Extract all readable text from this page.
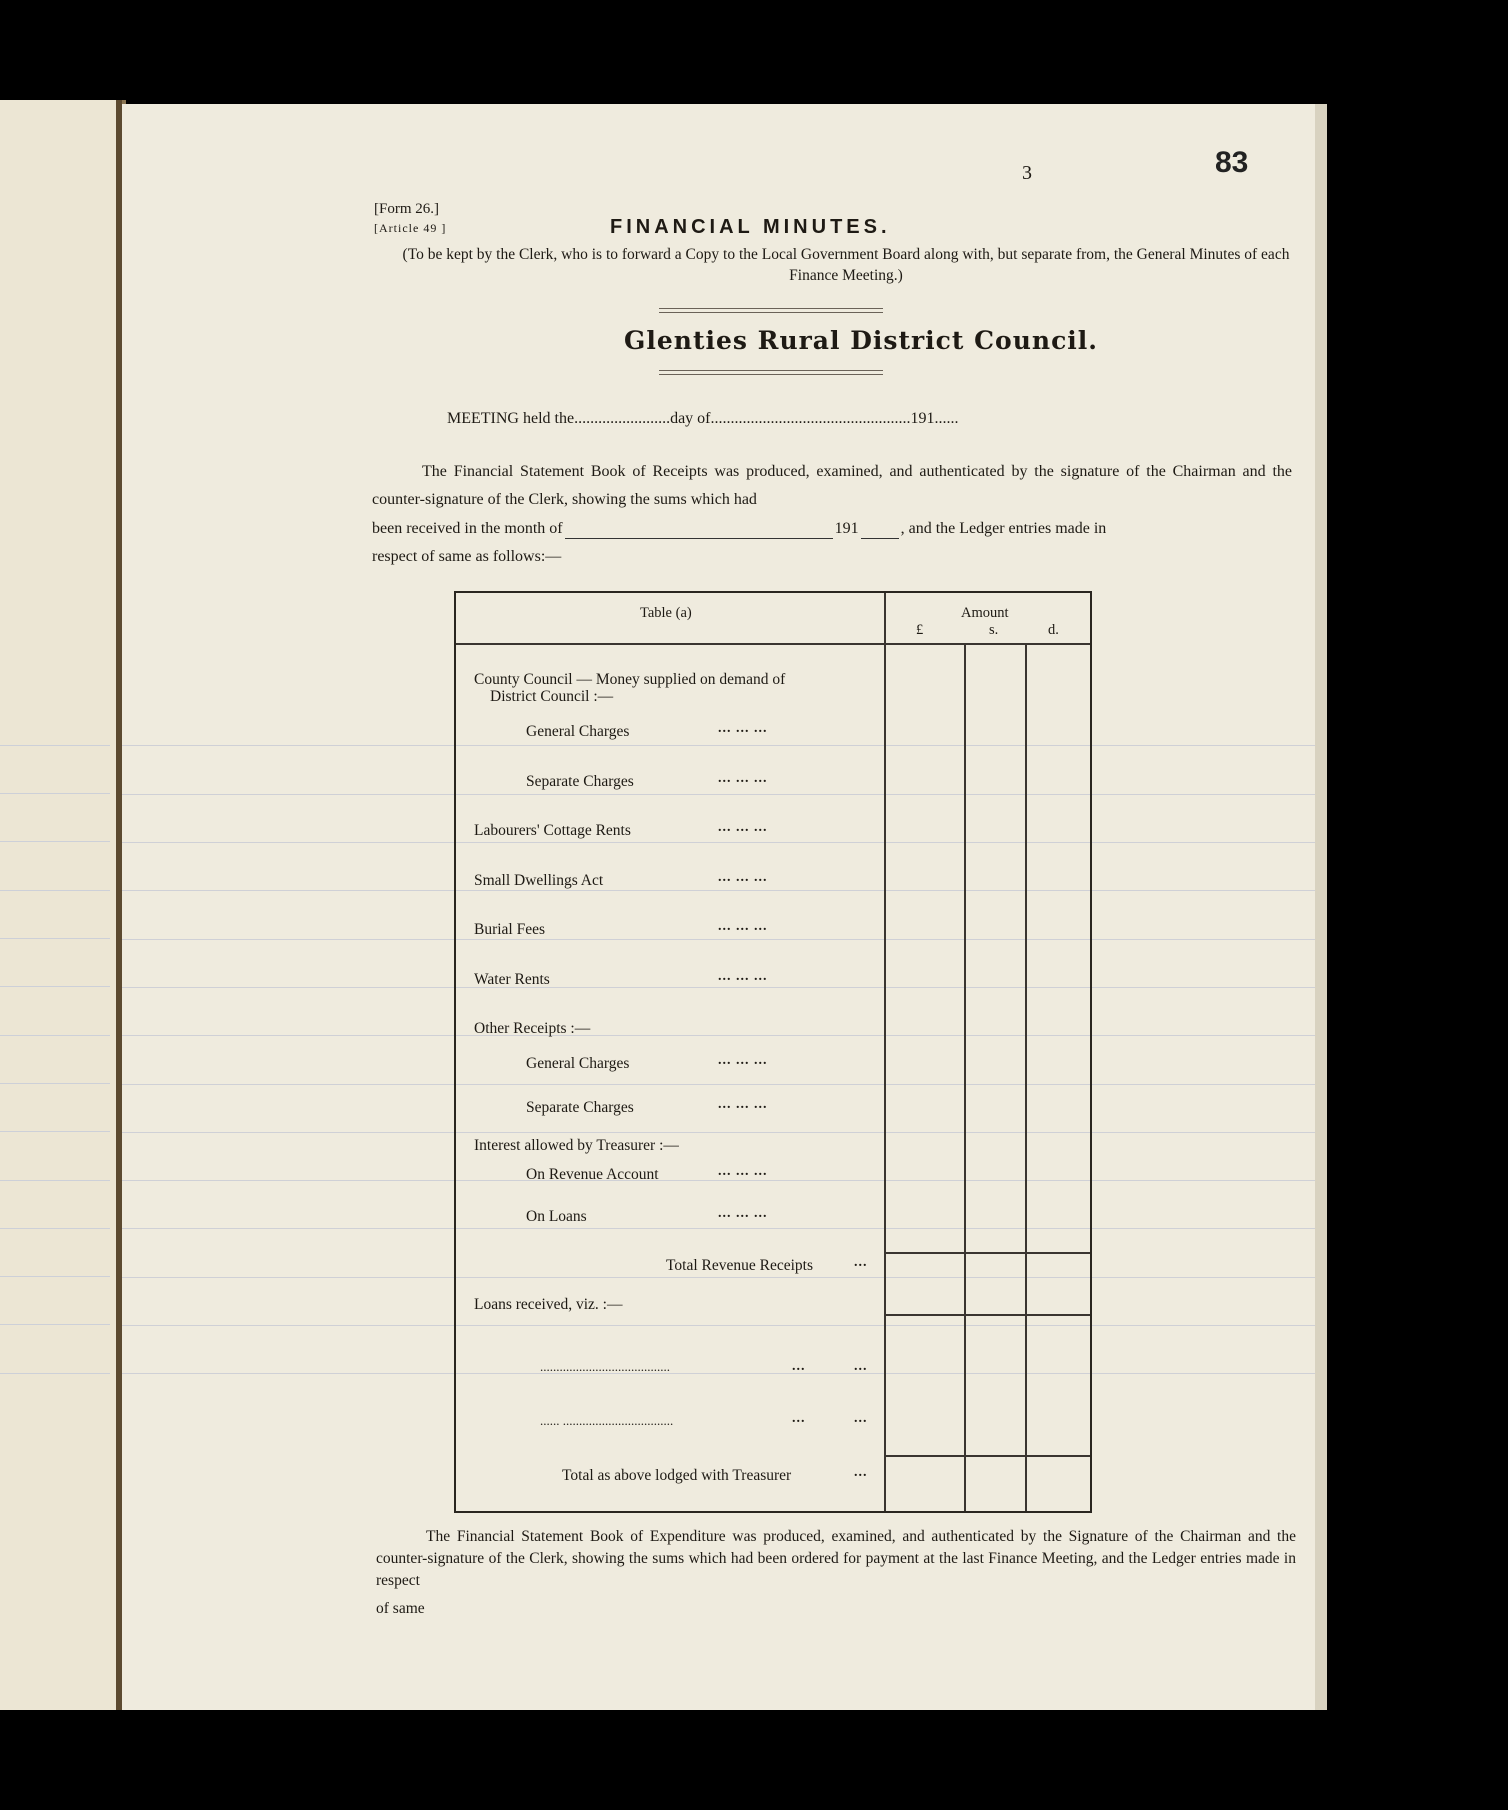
3	83
[Form 26.]
[Article 49 ]	FINANCIAL MINUTES.
(To be kept by the Clerk, who is to forward a Copy to the Local Government Board along with, but separate from, the General Minutes of each Finance Meeting.)
Glenties Rural District Council.
MEETING held the........................day of..................................................191......
The Financial Statement Book of Receipts was produced, examined, and authenticated by the signature of the Chairman and the counter-signature of the Clerk, showing the sums which had
been received in the month of	191	, and the Ledger entries made in
respect of same as follows:—
Table (a)	Amount
£	s.	d.
County Council — Money supplied on demand of
District Council :—
General Charges	... ... ...
Separate Charges	... ... ...
Labourers' Cottage Rents	... ... ...
Small Dwellings Act	... ... ...
Burial Fees	... ... ...
Water Rents	... ... ...
Other Receipts :—
General Charges	... ... ...
Separate Charges	... ... ...
Interest allowed by Treasurer :—
On Revenue Account	... ... ...
On Loans	... ... ...
Total Revenue Receipts	...
Loans received, viz. :—
........................................	...	...
...... ..................................	...	...
Total as above lodged with Treasurer	...
The Financial Statement Book of Expenditure was produced, examined, and authenticated by the Signature of the Chairman and the counter-signature of the Clerk, showing the sums which had been ordered for payment at the last Finance Meeting, and the Ledger entries made in respect
of same
